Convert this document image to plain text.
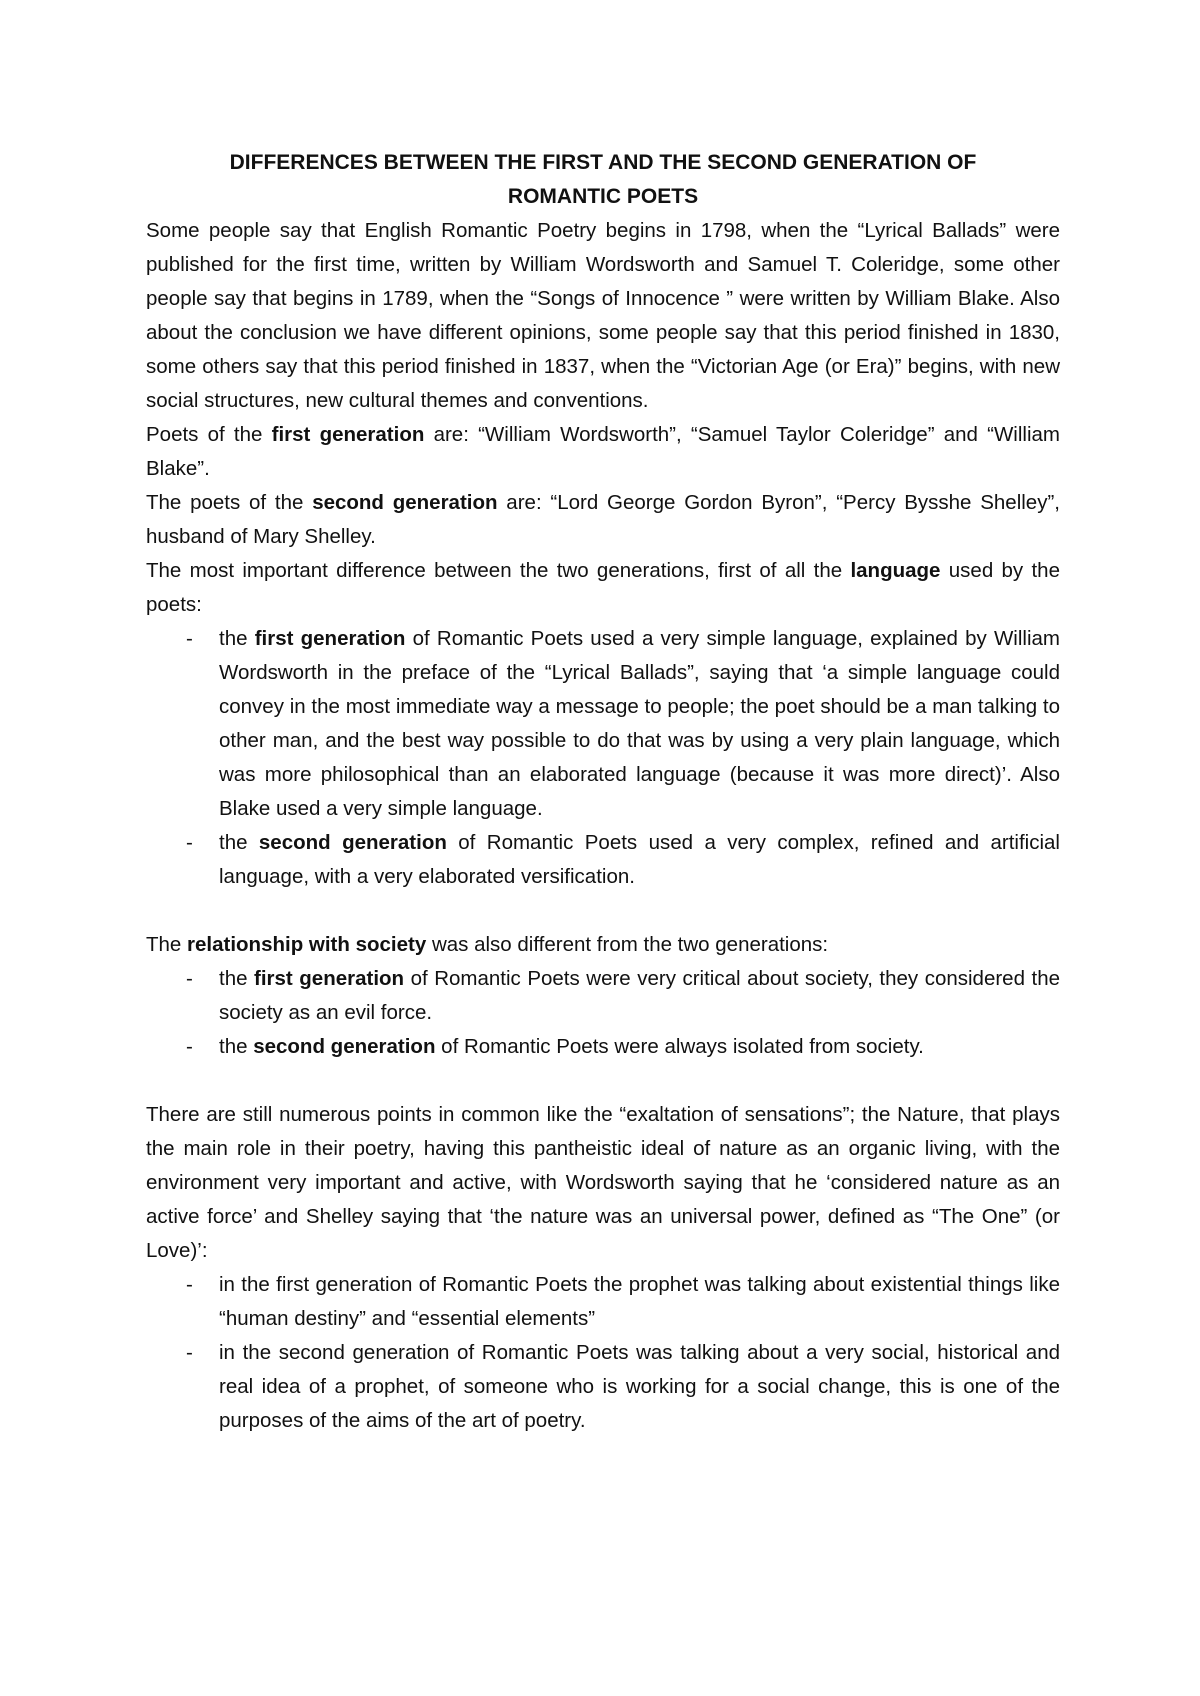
DIFFERENCES BETWEEN THE FIRST AND THE SECOND GENERATION OF
ROMANTIC POETS

Some people say that English Romantic Poetry begins in 1798, when the “Lyrical Ballads” were published for the first time, written by William Wordsworth and Samuel T. Coleridge, some other people say that begins in 1789, when the “Songs of Innocence ” were written by William Blake. Also about the conclusion we have different opinions, some people say that this period finished in 1830, some others say that this period finished in 1837, when the “Victorian Age (or Era)” begins, with new social structures, new cultural themes and conventions.

Poets of the first generation are: “William Wordsworth”, “Samuel Taylor Coleridge” and “William Blake”.

The poets of the second generation are: “Lord George Gordon Byron”, “Percy Bysshe Shelley”, husband of Mary Shelley.

The most important difference between the two generations, first of all the language used by the poets:

- the first generation of Romantic Poets used a very simple language, explained by William Wordsworth in the preface of the “Lyrical Ballads”, saying that ‘a simple language could convey in the most immediate way a message to people; the poet should be a man talking to other man, and the best way possible to do that was by using a very plain language, which was more philosophical than an elaborated language (because it was more direct)’. Also Blake used a very simple language.
- the second generation of Romantic Poets used a very complex, refined and artificial language, with a very elaborated versification.

The relationship with society was also different from the two generations:

- the first generation of Romantic Poets were very critical about society, they considered the society as an evil force.
- the second generation of Romantic Poets were always isolated from society.

There are still numerous points in common like the “exaltation of sensations”; the Nature, that plays the main role in their poetry, having this pantheistic ideal of nature as an organic living, with the environment very important and active, with Wordsworth saying that he ‘considered nature as an active force’ and Shelley saying that ‘the nature was an universal power, defined as “The One” (or Love)’:

- in the first generation of Romantic Poets the prophet was talking about existential things like “human destiny” and “essential elements”
- in the second generation of Romantic Poets was talking about a very social, historical and real idea of a prophet, of someone who is working for a social change, this is one of the purposes of the aims of the art of poetry.
